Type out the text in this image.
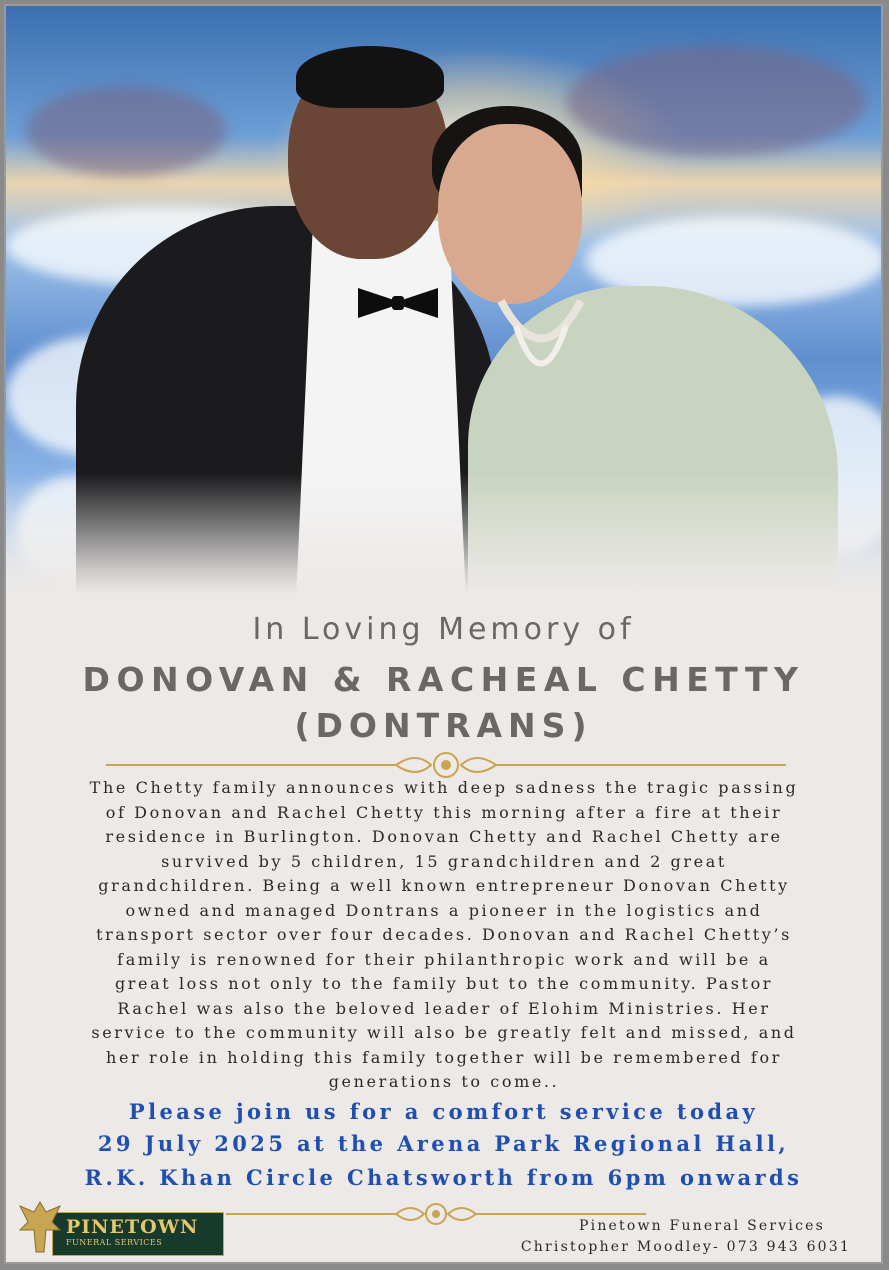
In Loving Memory of
DONOVAN & RACHEAL CHETTY
(DONTRANS)
The Chetty family announces with deep sadness the tragic passing
of Donovan and Rachel Chetty this morning after a fire at their
residence in Burlington. Donovan Chetty and Rachel Chetty are
survived by 5 children, 15 grandchildren and 2 great
grandchildren. Being a well known entrepreneur Donovan Chetty
owned and managed Dontrans a pioneer in the logistics and
transport sector over four decades. Donovan and Rachel Chetty’s
family is renowned for their philanthropic work and will be a
great loss not only to the family but to the community. Pastor
Rachel was also the beloved leader of Elohim Ministries. Her
service to the community will also be greatly felt and missed, and
her role in holding this family together will be remembered for
generations to come..
Please join us for a comfort service today
29 July 2025 at the Arena Park Regional Hall,
R.K. Khan Circle Chatsworth from 6pm onwards
PINETOWN
FUNERAL SERVICES
Pinetown Funeral Services
Christopher Moodley- 073 943 6031
